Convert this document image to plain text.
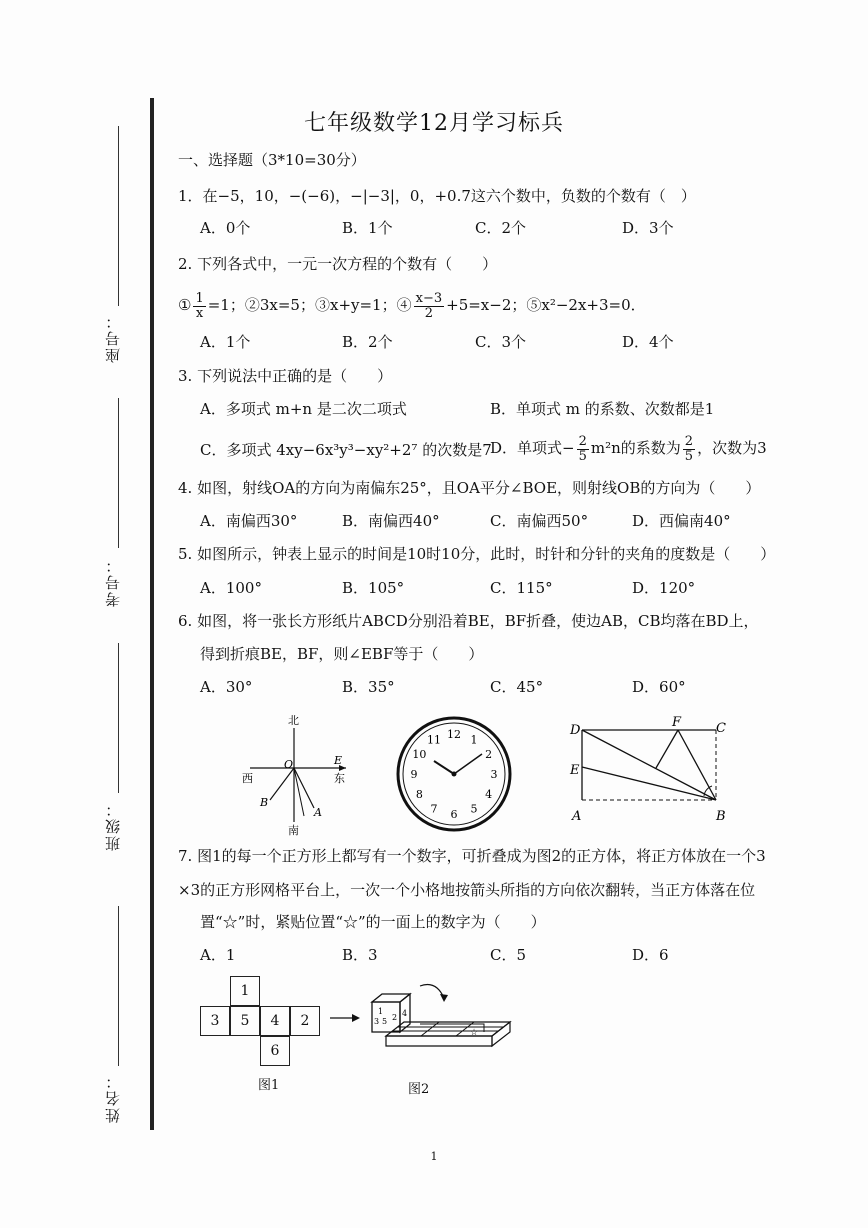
座号：
考号：
班级：
姓名：
七年级数学12月学习标兵
一、选择题（3*10=30分）
1．在−5，10，−(−6)，−|−3|，0，+0.7这六个数中，负数的个数有（　）
A．0个	B．1个	C．2个	D．3个
2. 下列各式中，一元一次方程的个数有（　　）
① $\frac{1}{x} =1$；②3x=5；③x+y=1；④ $\frac{x-3}{2} +5=x-2$；⑤x²−2x+3=0．
A．1个	B．2个	C．3个	D．4个
3. 下列说法中正确的是（　　）
A．多项式 m+n 是二次二项式	B．单项式 m 的系数、次数都是1
C．多项式 4xy−6x³y³−xy²+2⁷ 的次数是7
D．单项式− $\frac{2}{5} m^2n$的系数为 $\frac{2}{5}$ ，次数为3
4. 如图，射线OA的方向为南偏东25°，且OA平分∠BOE，则射线OB的方向为（　　）
A．南偏西30°	B．南偏西40°	C．南偏西50°	D．西偏南40°
5. 如图所示，钟表上显示的时间是10时10分，此时，时针和分针的夹角的度数是（　　）
A．100°	B．105°	C．115°	D．120°
6. 如图，将一张长方形纸片ABCD分别沿着BE，BF折叠，使边AB，CB均落在BD上，
得到折痕BE，BF，则∠EBF等于（　　）
A．30°	B．35°	C．45°	D．60°
北
南
西	东
O	E
A
B
12 1
2
3
4
5
6
7
8
9
10
11
D
F	C
E
A	B
7. 图1的每一个正方形上都写有一个数字，可折叠成为图2的正方体，将正方体放在一个3
×3的正方形网格平台上，一次一个小格地按箭头所指的方向依次翻转，当正方体落在位
置“☆”时，紧贴位置“☆”的一面上的数字为（　　）
A．1	B．3	C．5	D．6
1
3	5	4	2
6
图1
☆
1
3 5 2 4
图2
1
